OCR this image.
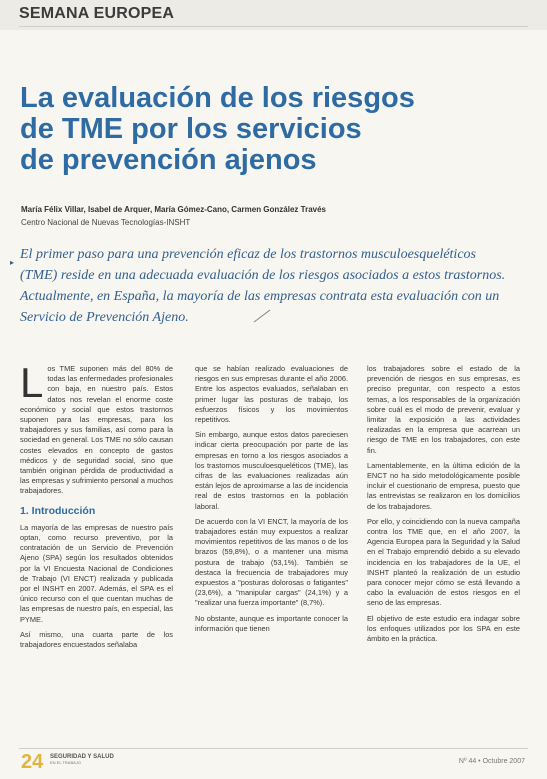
SEMANA EUROPEA
La evaluación de los riesgos
de TME por los servicios
de prevención ajenos
María Félix Villar, Isabel de Arquer, María Gómez-Cano, Carmen González Través
Centro Nacional de Nuevas Tecnologías-INSHT

▸
El primer paso para una prevención eficaz de los trastornos musculoesqueléticos (TME) reside en una adecuada evaluación de los riesgos asociados a estos trastornos. Actualmente, en España, la mayoría de las empresas contrata esta evaluación con un Servicio de Prevención Ajeno.

L os TME suponen más del 80% de todas las enfermedades profesionales con baja, en nuestro país. Estos datos nos revelan el enorme coste económico y social que estos trastornos suponen para las empresas, para los trabajadores y sus familias, así como para la sociedad en general. Los TME no sólo causan costes elevados en concepto de gastos médicos y de seguridad social, sino que también originan pérdida de productividad a las empresas y sufrimiento personal a muchos trabajadores.

1. Introducción

La mayoría de las empresas de nuestro país optan, como recurso preventivo, por la contratación de un Servicio de Prevención Ajeno (SPA) según los resultados obtenidos por la VI Encuesta Nacional de Condiciones de Trabajo (VI ENCT) realizada y publicada por el INSHT en 2007. Además, el SPA es el único recurso con el que cuentan muchas de las empresas de nuestro país, en especial, las PYME.

Así mismo, una cuarta parte de los trabajadores encuestados señalaba

que se habían realizado evaluaciones de riesgos en sus empresas durante el año 2006. Entre los aspectos evaluados, señalaban en primer lugar las posturas de trabajo, los esfuerzos físicos y los movimientos repetitivos.

Sin embargo, aunque estos datos pareciesen indicar cierta preocupación por parte de las empresas en torno a los riesgos asociados a los trastornos musculoesqueléticos (TME), las cifras de las evaluaciones realizadas aún están lejos de aproximarse a las de incidencia real de estos trastornos en la población laboral.

De acuerdo con la VI ENCT, la mayoría de los trabajadores están muy expuestos a realizar movimientos repetitivos de las manos o de los brazos (59,8%), o a mantener una misma postura de trabajo (53,1%). También se destaca la frecuencia de trabajadores muy expuestos a "posturas dolorosas o fatigantes" (23,6%), a "manipular cargas" (24,1%) y a "realizar una fuerza importante" (8,7%).

No obstante, aunque es importante conocer la información que tienen

los trabajadores sobre el estado de la prevención de riesgos en sus empresas, es preciso preguntar, con respecto a estos temas, a los responsables de la organización sobre cuál es el modo de prevenir, evaluar y limitar la exposición a las actividades realizadas en la empresa que acarrean un riesgo de TME en los trabajadores, con este fin.

Lamentablemente, en la última edición de la ENCT no ha sido metodológicamente posible incluir el cuestionario de empresa, puesto que las entrevistas se realizaron en los domicilios de los trabajadores.

Por ello, y coincidiendo con la nueva campaña contra los TME que, en el año 2007, la Agencia Europea para la Seguridad y la Salud en el Trabajo emprendió debido a su elevado incidencia en los trabajadores de la UE, el INSHT planteó la realización de un estudio para conocer mejor cómo se está llevando a cabo la evaluación de estos riesgos en el seno de las empresas.

El objetivo de este estudio era indagar sobre los enfoques utilizados por los SPA en este ámbito en la práctica.

24 SEGURIDAD Y SALUD
EN EL TRABAJO	Nº 44 • Octubre 2007
